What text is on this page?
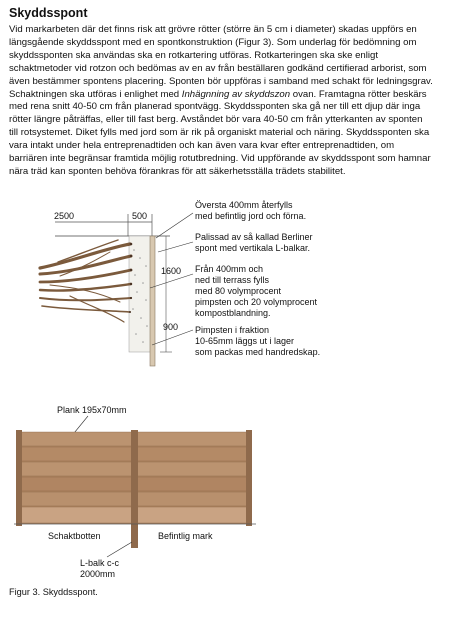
Skyddsspont
Vid markarbeten där det finns risk att grövre rötter (större än 5 cm i diameter) skadas uppförs en
längsgående skyddsspont med en spontkonstruktion (Figur 3). Som underlag för bedömning om
skyddssponten ska användas ska en rotkartering utföras. Rotkarteringen ska ske enligt
schaktmetoder vid rotzon och bedömas av en av från beställaren godkänd certifierad arborist, som
även bestämmer spontens placering. Sponten bör uppföras i samband med schakt för ledningsgrav.
Schaktningen ska utföras i enlighet med Inhägnning av skyddszon ovan. Framtagna rötter beskärs
med rena snitt 40-50 cm från planerad spontvägg. Skyddssponten ska gå ner till ett djup där inga
rötter längre påträffas, eller till fast berg. Avståndet bör vara 40-50 cm från ytterkanten av sponten
till rotsystemet. Diket fylls med jord som är rik på organiskt material och näring. Skyddssponten ska
vara intakt under hela entreprenadtiden och kan även vara kvar efter entreprenadtiden, om
barriären inte begränsar framtida möjlig rotutbredning. Vid uppförande av skyddsspont som hamnar
nära träd kan sponten behöva förankras för att säkerhetsställa trädets stabilitet.
2500	500
1600
900
Översta 400mm återfylls
med befintlig jord och förna.
Palissad av så kallad Berliner
spont med vertikala L-balkar.
Från 400mm och
ned till terrass fylls
med 80 volymprocent
pimpsten och 20 volymprocent
kompostblandning.
Pimpsten i fraktion
10-65mm läggs ut i lager
som packas med handredskap.
Plank 195x70mm
Schaktbotten	Befintlig mark
L-balk c-c
2000mm
Figur 3. Skyddsspont.
